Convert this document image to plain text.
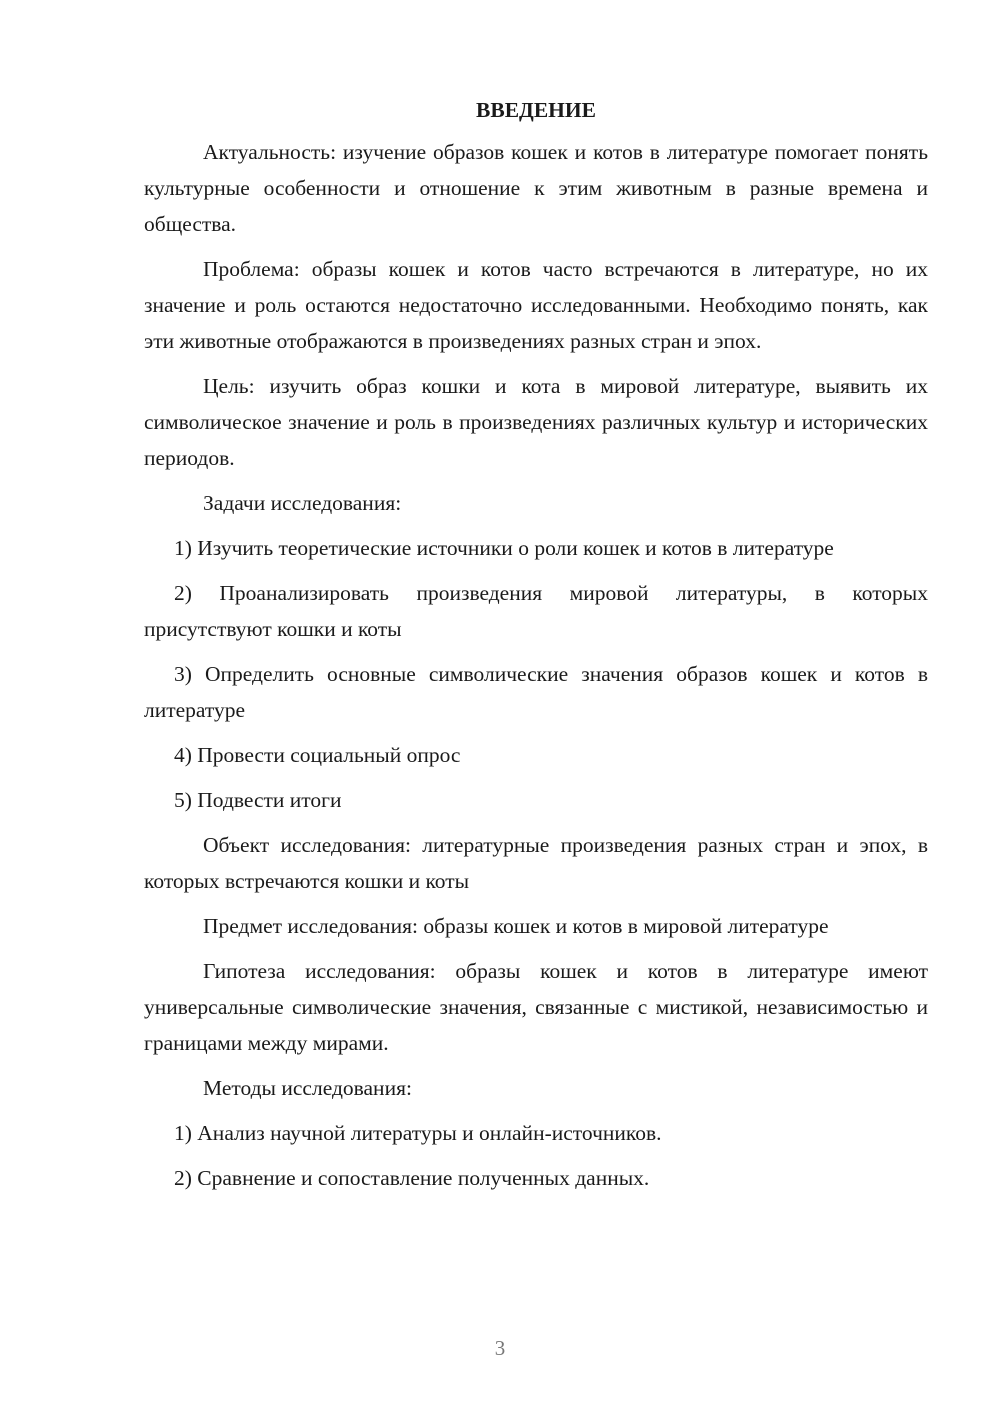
ВВЕДЕНИЕ

Актуальность: изучение образов кошек и котов в литературе помогает понять культурные особенности и отношение к этим животным в разные времена и общества.

Проблема: образы кошек и котов часто встречаются в литературе, но их значение и роль остаются недостаточно исследованными. Необходимо понять, как эти животные отображаются в произведениях разных стран и эпох.

Цель: изучить образ кошки и кота в мировой литературе, выявить их символическое значение и роль в произведениях различных культур и исторических периодов.

Задачи исследования:

1) Изучить теоретические источники о роли кошек и котов в литературе

2) Проанализировать произведения мировой литературы, в которых присутствуют кошки и коты

3) Определить основные символические значения образов кошек и котов в литературе

4) Провести социальный опрос

5) Подвести итоги

Объект исследования: литературные произведения разных стран и эпох, в которых встречаются кошки и коты

Предмет исследования: образы кошек и котов в мировой литературе

Гипотеза исследования: образы кошек и котов в литературе имеют универсальные символические значения, связанные с мистикой, независимостью и границами между мирами.

Методы исследования:

1) Анализ научной литературы и онлайн-источников.

2) Сравнение и сопоставление полученных данных.

3
